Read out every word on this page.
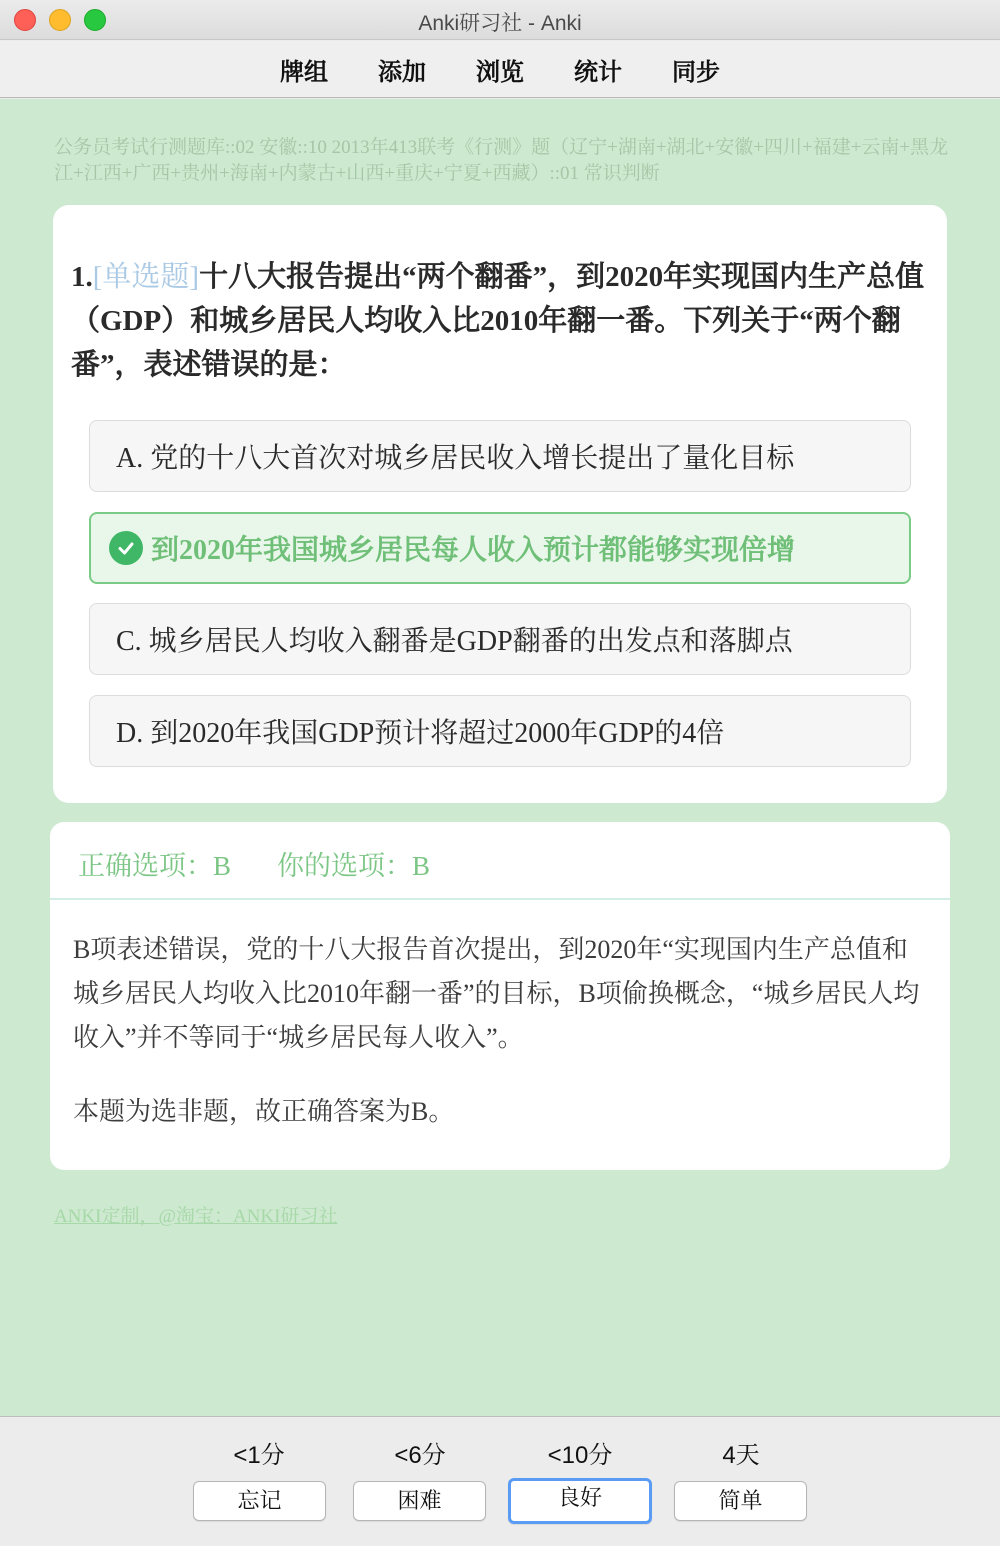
Anki研习社 - Anki
牌组	添加	浏览	统计	同步
公务员考试行测题库::02 安徽::10 2013年413联考《行测》题（辽宁+湖南+湖北+安徽+四川+福建+云南+黑龙江+江西+广西+贵州+海南+内蒙古+山西+重庆+宁夏+西藏）::01 常识判断
1.[单选题]十八大报告提出“两个翻番”，到2020年实现国内生产总值（GDP）和城乡居民人均收入比2010年翻一番。下列关于“两个翻番”，表述错误的是：
A. 党的十八大首次对城乡居民收入增长提出了量化目标
到2020年我国城乡居民每人收入预计都能够实现倍增
C. 城乡居民人均收入翻番是GDP翻番的出发点和落脚点
D. 到2020年我国GDP预计将超过2000年GDP的4倍
正确选项：B 你的选项：B
B项表述错误，党的十八大报告首次提出，到2020年“实现国内生产总值和城乡居民人均收入比2010年翻一番”的目标，B项偷换概念，“城乡居民人均收入”并不等同于“城乡居民每人收入”。
本题为选非题，故正确答案为B。
ANKI定制，@淘宝：ANKI研习社
<1分	<6分	<10分	4天
忘记	困难	良好	简单
